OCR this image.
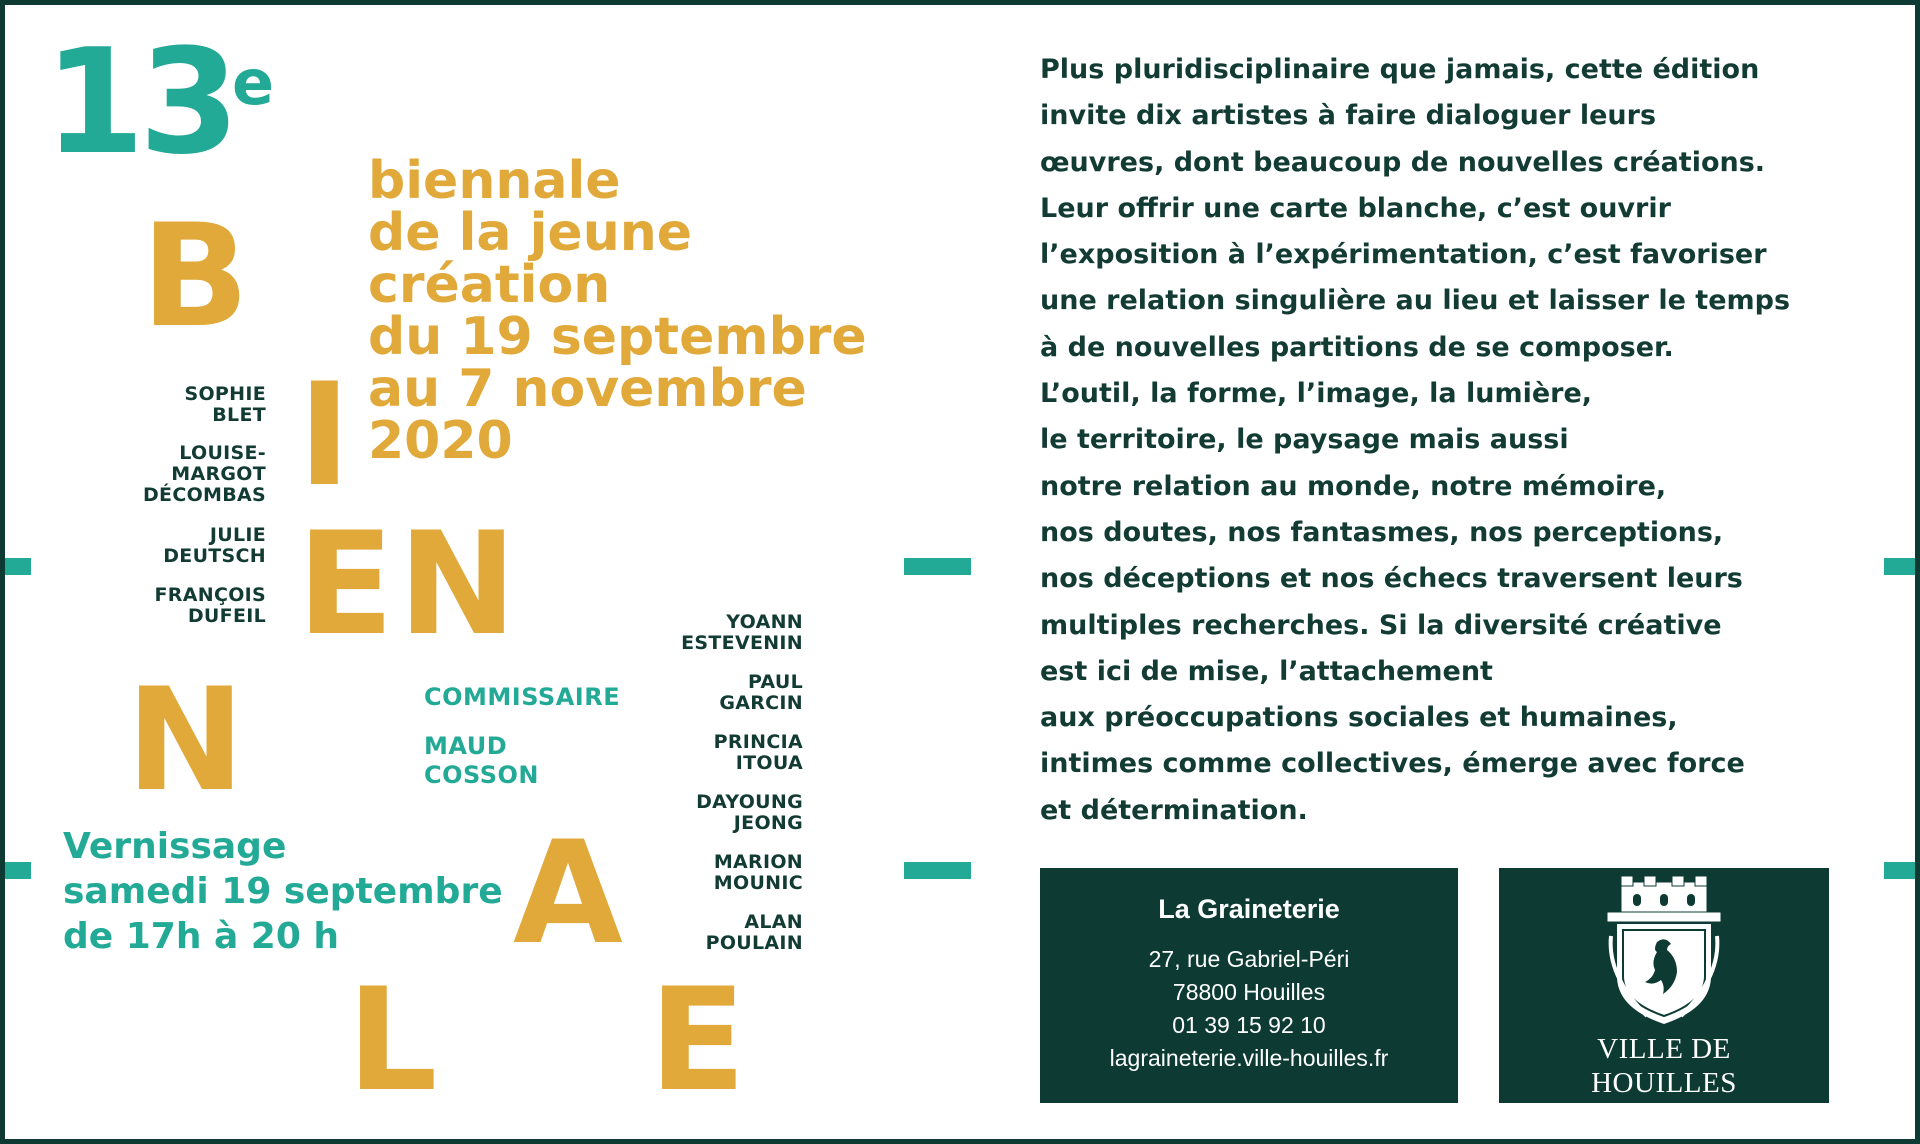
13
e
B
I
EN
N
A
L E
biennale
de la jeune
création
du 19 septembre
au 7 novembre
2020
SOPHIE
BLET
LOUISE-
MARGOT
DÉCOMBAS
JULIE
DEUTSCH
FRANÇOIS
DUFEIL	YOANN
ESTEVENIN
PAUL
GARCIN
PRINCIA
ITOUA
DAYOUNG
JEONG
MARION
MOUNIC
ALAN
POULAIN
COMMISSAIRE
MAUD
COSSON
Vernissage
samedi 19 septembre
de 17h à 20 h
Plus pluridisciplinaire que jamais, cette édition
invite dix artistes à faire dialoguer leurs
œuvres, dont beaucoup de nouvelles créations.
Leur offrir une carte blanche, c’est ouvrir
l’exposition à l’expérimentation, c’est favoriser
une relation singulière au lieu et laisser le temps
à de nouvelles partitions de se composer.
L’outil, la forme, l’image, la lumière,
le territoire, le paysage mais aussi
notre relation au monde, notre mémoire,
nos doutes, nos fantasmes, nos perceptions,
nos déceptions et nos échecs traversent leurs
multiples recherches. Si la diversité créative
est ici de mise, l’attachement
aux préoccupations sociales et humaines,
intimes comme collectives, émerge avec force
et détermination.
La Graineterie
27, rue Gabriel-Péri
78800 Houilles
01 39 15 92 10
lagraineterie.ville-houilles.fr	VILLE DE
HOUILLES
